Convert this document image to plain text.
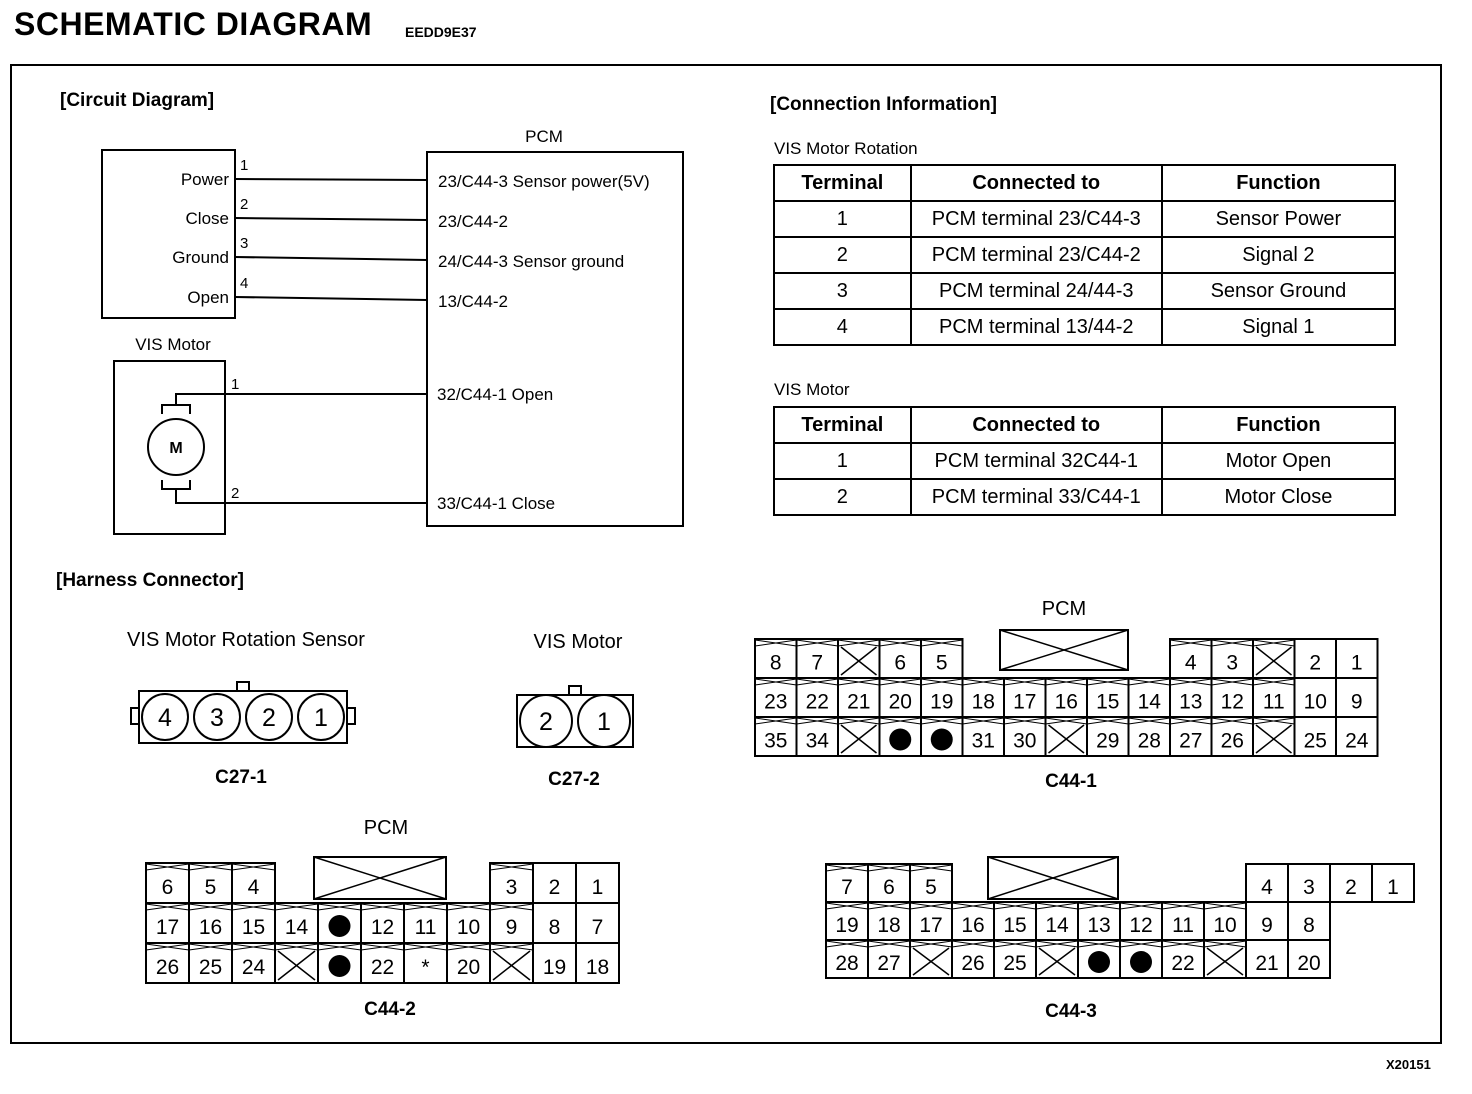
SCHEMATIC DIAGRAM EEDD9E37
X20151
[Circuit Diagram]	[Connection Information]
[Harness Connector]
VIS Motor Rotation
Terminal	Connected to	Function
1	PCM terminal 23/C44-3	Sensor Power
2	PCM terminal 23/C44-2	Signal 2
3	PCM terminal 24/44-3	Sensor Ground
4	PCM terminal 13/44-2	Signal 1
VIS Motor
Terminal	Connected to	Function
1	PCM terminal 32C44-1	Motor Open
2	PCM terminal 33/C44-1	Motor Close
PCM
Power
1
23/C44-3 Sensor power(5V)
Close
2
23/C44-2
Ground
3
24/C44-3 Sensor ground
Open
4
13/C44-2
VIS Motor
M
1
2
32/C44-1 Open
33/C44-1 Close
VIS Motor Rotation Sensor	VIS Motor
PCM
PCM
C27-1	C27-2	C44-1
C44-2	C44-3
4 3 2 1	2 1
8 7	6 5	4 3	2 1
23 22 21 20 19 18 17 16 15 14 13 12 11 10 9
35 34	31 30	29 28 27 26	25 24
6 5 4	3 2 1
17 16 15 14	12 11 10 9 8 7
26 25 24	22 * 20	19 18
7 6 5	4 3 2 1
19 18 17 16 15 14 13 12 11 10 9 8
28 27	26 25	22	21 20
